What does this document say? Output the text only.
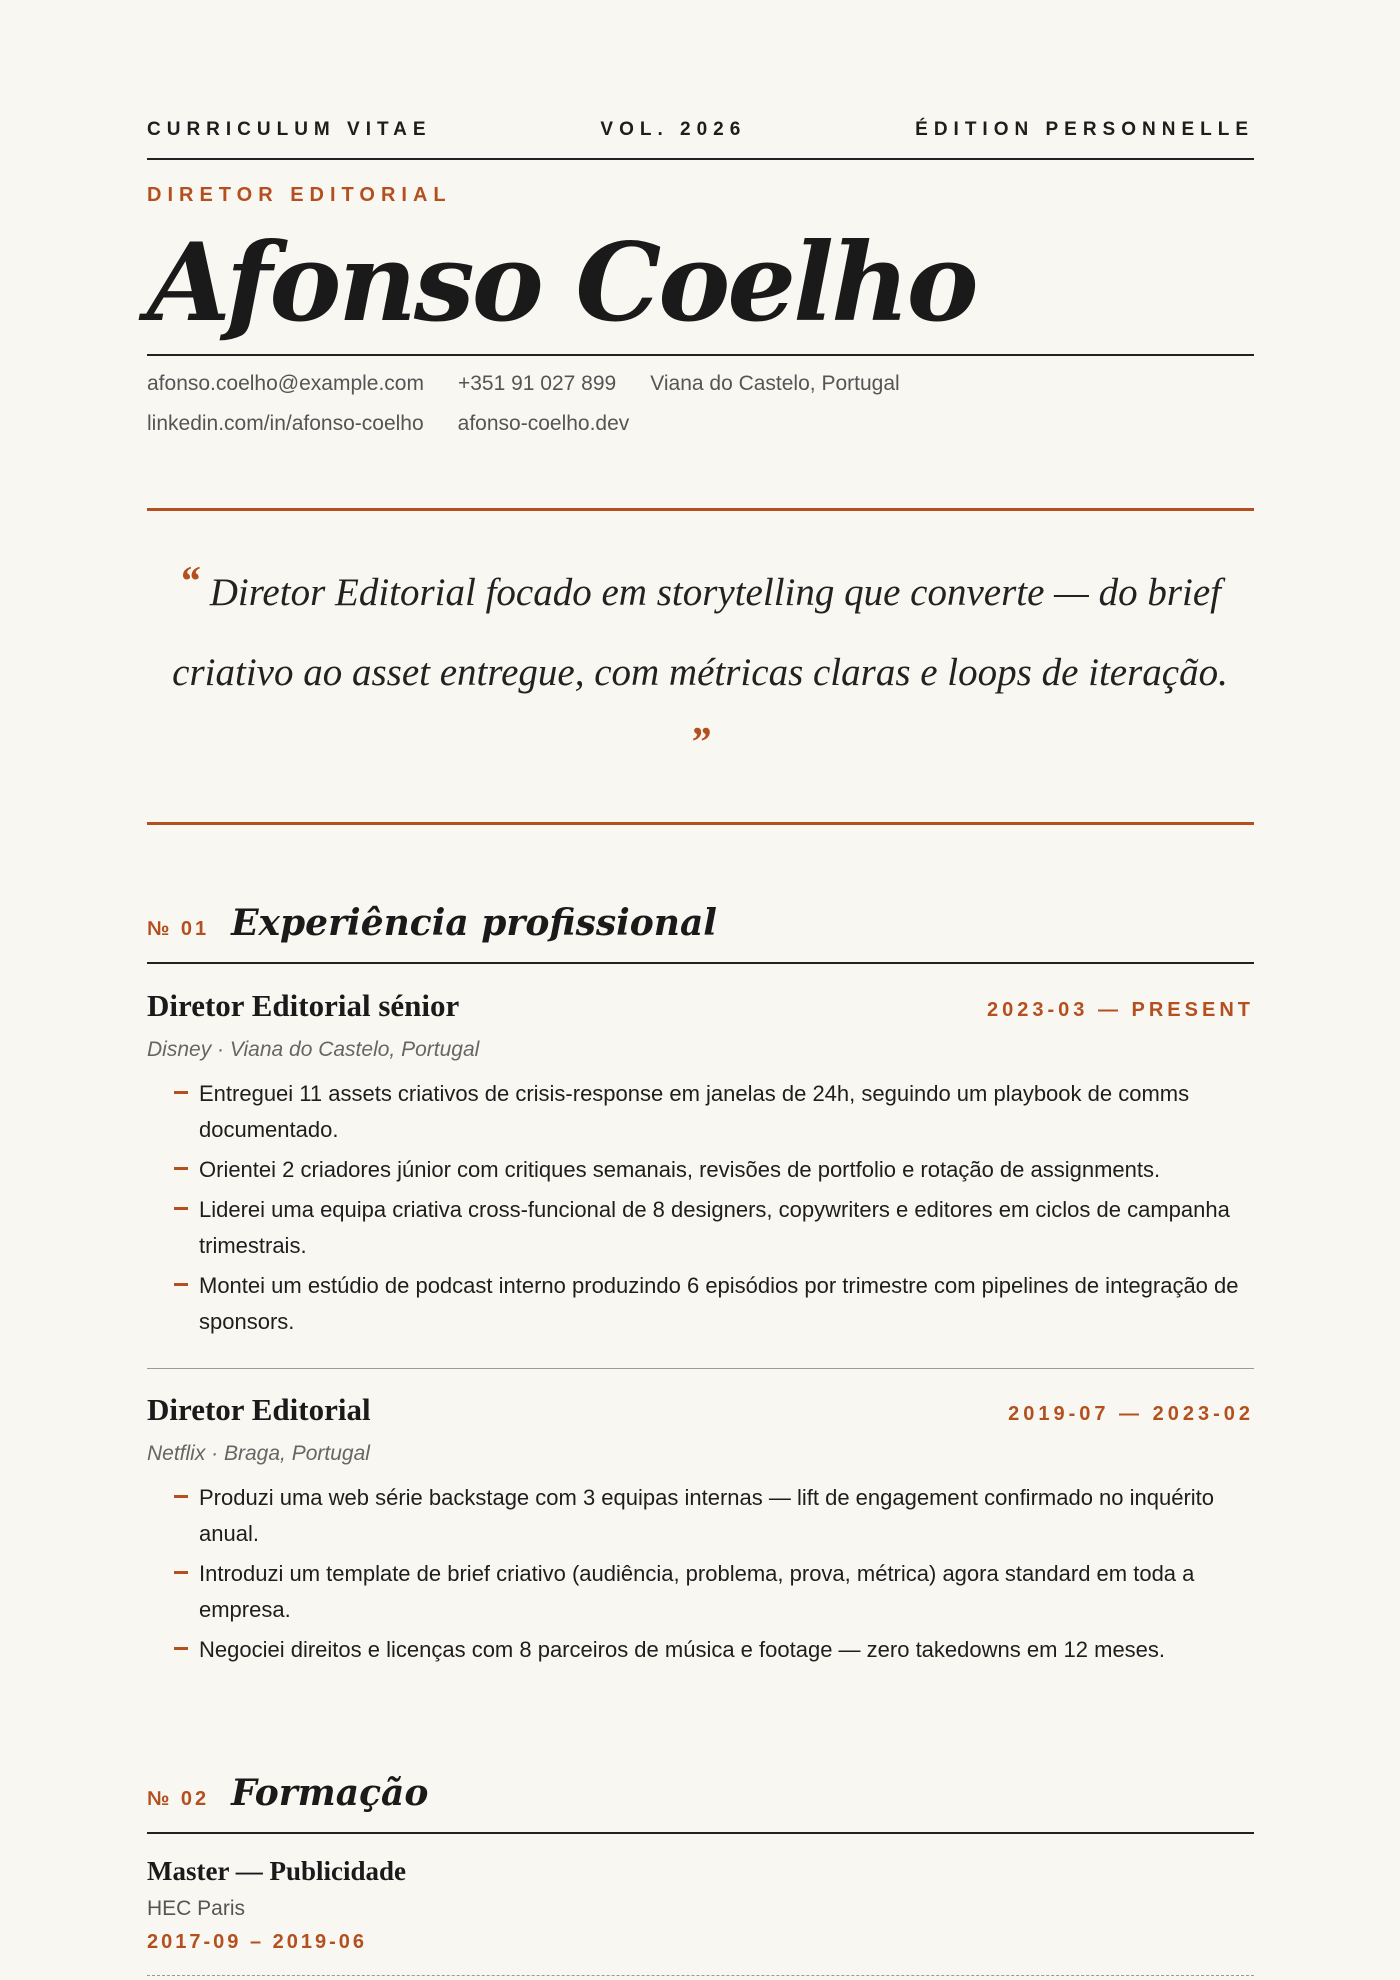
CURRICULUM VITAE	VOL. 2026	ÉDITION PERSONNELLE
DIRETOR EDITORIAL
Afonso Coelho
afonso.coelho@example.com +351 91 027 899 Viana do Castelo, Portugal
linkedin.com/in/afonso-coelho afonso-coelho.dev
“ Diretor Editorial focado em storytelling que converte — do brief criativo ao asset entregue, com métricas claras e loops de iteração. ”
№ 01 Experiência profissional
Diretor Editorial sénior	2023-03 — PRESENT
Disney · Viana do Castelo, Portugal
Entreguei 11 assets criativos de crisis-response em janelas de 24h, seguindo um playbook de comms documentado.
Orientei 2 criadores júnior com critiques semanais, revisões de portfolio e rotação de assignments.
Liderei uma equipa criativa cross-funcional de 8 designers, copywriters e editores em ciclos de campanha trimestrais.
Montei um estúdio de podcast interno produzindo 6 episódios por trimestre com pipelines de integração de sponsors.
Diretor Editorial	2019-07 — 2023-02
Netflix · Braga, Portugal
Produzi uma web série backstage com 3 equipas internas — lift de engagement confirmado no inquérito anual.
Introduzi um template de brief criativo (audiência, problema, prova, métrica) agora standard em toda a empresa.
Negociei direitos e licenças com 8 parceiros de música e footage — zero takedowns em 12 meses.
№ 02 Formação
Master — Publicidade
HEC Paris
2017-09 – 2019-06
